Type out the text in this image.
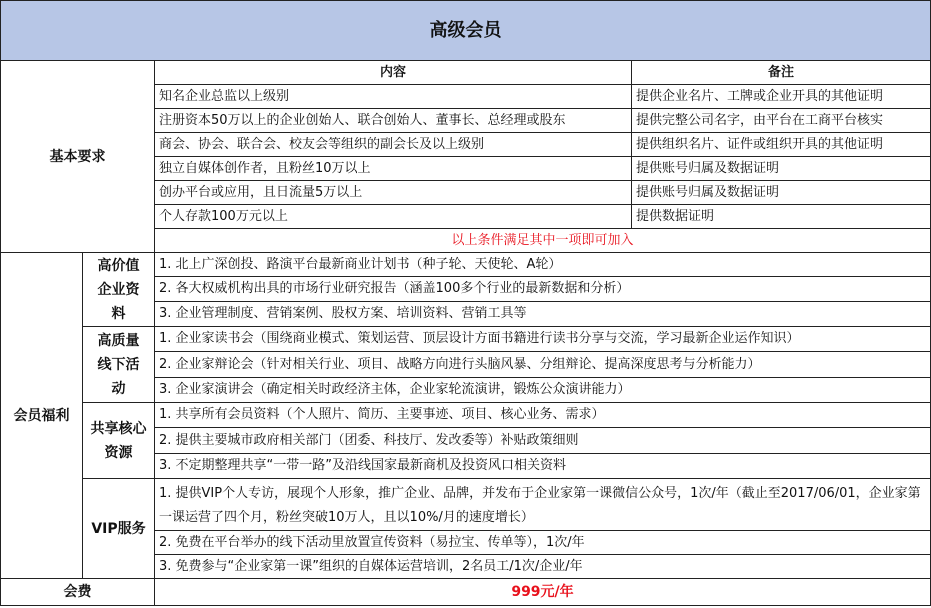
高级会员
基本要求
内容	备注
知名企业总监以上级别	提供企业名片、工牌或企业开具的其他证明
注册资本50万以上的企业创始人、联合创始人、董事长、总经理或股东	提供完整公司名字，由平台在工商平台核实
商会、协会、联合会、校友会等组织的副会长及以上级别	提供组织名片、证件或组织开具的其他证明
独立自媒体创作者，且粉丝10万以上	提供账号归属及数据证明
创办平台或应用，且日流量5万以上	提供账号归属及数据证明
个人存款100万元以上	提供数据证明
以上条件满足其中一项即可加入
会员福利
高价值企业资料
1. 北上广深创投、路演平台最新商业计划书（种子轮、天使轮、A轮）
2. 各大权威机构出具的市场行业研究报告（涵盖100多个行业的最新数据和分析）
3. 企业管理制度、营销案例、股权方案、培训资料、营销工具等
高质量线下活动
1. 企业家读书会（围绕商业模式、策划运营、顶层设计方面书籍进行读书分享与交流，学习最新企业运作知识）
2. 企业家辩论会（针对相关行业、项目、战略方向进行头脑风暴、分组辩论、提高深度思考与分析能力）
3. 企业家演讲会（确定相关时政经济主体，企业家轮流演讲，锻炼公众演讲能力）
共享核心资源
1. 共享所有会员资料（个人照片、简历、主要事迹、项目、核心业务、需求）
2. 提供主要城市政府相关部门（团委、科技厅、发改委等）补贴政策细则
3. 不定期整理共享“一带一路”及沿线国家最新商机及投资风口相关资料
VIP服务
1. 提供VIP个人专访，展现个人形象，推广企业、品牌，并发布于企业家第一课微信公众号，1次/年（截止至2017/06/01，企业家第一课运营了四个月，粉丝突破10万人，且以10%/月的速度增长）
2. 免费在平台举办的线下活动里放置宣传资料（易拉宝、传单等），1次/年
3. 免费参与“企业家第一课”组织的自媒体运营培训，2名员工/1次/企业/年
会费	999元/年
